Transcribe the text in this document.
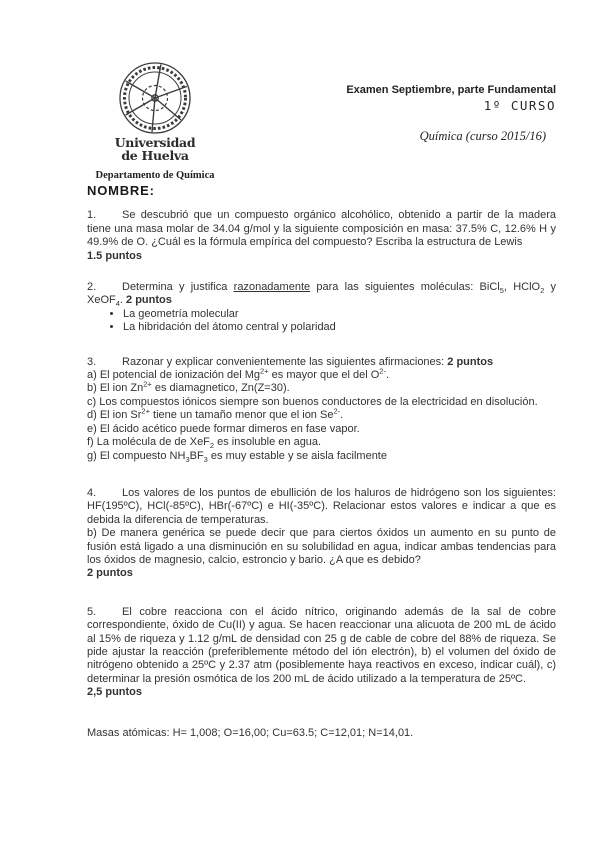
Universidad
de Huelva
Departamento de Química
Examen Septiembre, parte Fundamental
1º CURSO
Química (curso 2015/16)
NOMBRE:

1. Se descubrió que un compuesto orgánico alcohólico, obtenido a partir de la madera tiene una masa molar de 34.04 g/mol y la siguiente composición en masa: 37.5% C, 12.6% H y 49.9% de O. ¿Cuál es la fórmula empírica del compuesto? Escriba la estructura de Lewis

1.5 puntos

2. Determina y justifica razonadamente para las siguientes moléculas: BiCl$_5$, HClO$_2$ y XeOF$_4$. 2 puntos

• La geometría molecular
• La hibridación del átomo central y polaridad

3. Razonar y explicar convenientemente las siguientes afirmaciones: 2 puntos

a) El potencial de ionización del $Mg^{2+}$ es mayor que el del $O^{2-}$.
b) El ion $Zn^{2+}$ es diamagnetico, Zn(Z=30).
c) Los compuestos iónicos siempre son buenos conductores de la electricidad en disolución.
d) El ion $Sr^{2+}$ tiene un tamaño menor que el ion $Se^{2-}$.
e) El ácido acético puede formar dimeros en fase vapor.
f) La molécula de de XeF$_2$ es insoluble en agua.
g) El compuesto $NH_3BF_3$ es muy estable y se aisla facilmente

4. Los valores de los puntos de ebullición de los haluros de hidrógeno son los siguientes: HF(195ºC), HCl(-85ºC), HBr(-67ºC) e HI(-35ºC). Relacionar estos valores e indicar a que es debida la diferencia de temperaturas.

b) De manera genérica se puede decir que para ciertos óxidos un aumento en su punto de fusión está ligado a una disminución en su solubilidad en agua, indicar ambas tendencias para los óxidos de magnesio, calcio, estroncio y bario. ¿A que es debido?

2 puntos

5. El cobre reacciona con el ácido nítrico, originando además de la sal de cobre correspondiente, óxido de Cu(II) y agua. Se hacen reaccionar una alicuota de 200 mL de ácido al 15% de riqueza y 1.12 g/mL de densidad con 25 g de cable de cobre del 88% de riqueza. Se pide ajustar la reacción (preferiblemente método del ión electrón), b) el volumen del óxido de nitrógeno obtenido a 25ºC y 2.37 atm (posiblemente haya reactivos en exceso, indicar cuál), c) determinar la presión osmótica de los 200 mL de ácido utilizado a la temperatura de 25ºC.

2,5 puntos

Masas atómicas: H= 1,008; O=16,00; Cu=63.5; C=12,01; N=14,01.
